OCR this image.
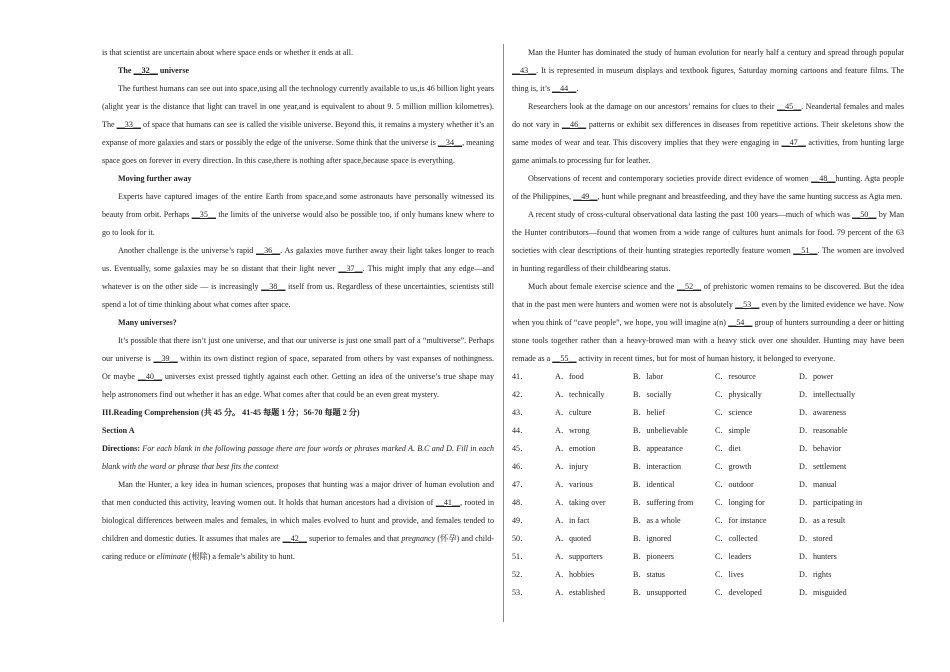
is that scientist are uncertain about where space ends or whether it ends at all.

The __32__ universe

The furthest humans can see out into space,using all the technology currently available to us,is 46 billion light years (alight year is the distance that light can travel in one year,and is equivalent to about 9. 5 million million kilometres). The __33__ of space that humans can see is called the visible universe. Beyond this, it remains a mystery whether it’s an expanse of more galaxies and stars or possibly the edge of the universe. Some think that the universe is __34__, meaning space goes on forever in every direction. In this case,there is nothing after space,because space is everything.

Moving further away

Experts have captured images of the entire Earth from space,and some astronauts have personally witnessed its beauty from orbit. Perhaps __35__ the limits of the universe would also be possible too, if only humans knew where to go to look for it.

Another challenge is the universe’s rapid __36__. As galaxies move further away their light takes longer to reach us. Eventually, some galaxies may be so distant that their light never __37__. This might imply that any edge—and whatever is on the other side — is increasingly __38__ itself from us. Regardless of these uncertainties, scientists still spend a lot of time thinking about what comes after space.

Many universes?

It’s possible that there isn’t just one universe, and that our universe is just one small part of a “multiverse”. Perhaps our universe is __39__ within its own distinct region of space, separated from others by vast expanses of nothingness. Or maybe __40__ universes exist pressed tightly against each other. Getting an idea of the universe’s true shape may help astronomers find out whether it has an edge. What comes after that could be an even great mystery.

III.Reading Comprehension (共 45 分。 41-45 每题 1 分；56-70 每题 2 分)

Section A

Directions: For each blank in the following passage there are four words or phrases marked A. B.C and D. Fill in each blank with the word or phrase that best fits the context

Man the Hunter, a key idea in human sciences, proposes that hunting was a major driver of human evolution and that men conducted this activity, leaving women out. It holds that human ancestors had a division of __41__, rooted in biological differences between males and females, in which males evolved to hunt and provide, and females tended to children and domestic duties. It assumes that males are __42__ superior to females and that pregnancy (怀孕) and child-caring reduce or eliminate (根除) a female’s ability to hunt.

Man the Hunter has dominated the study of human evolution for nearly half a century and spread through popular __43__. It is represented in museum displays and textbook figures, Saturday morning cartoons and feature films. The thing is, it’s __44__.

Researchers look at the damage on our ancestors’ remains for clues to their __45__. Neandertal females and males do not vary in __46__ patterns or exhibit sex differences in diseases from repetitive actions. Their skeletons show the same modes of wear and tear. This discovery implies that they were engaging in __47__ activities, from hunting large game animals to processing fur for leather.

Observations of recent and contemporary societies provide direct evidence of women __48__hunting. Agta people of the Philippines, __49__, hunt while pregnant and breastfeeding, and they have the same hunting success as Agta men.

A recent study of cross-cultural observational data lasting the past 100 years—much of which was __50__ by Man the Hunter contributors—found that women from a wide range of cultures hunt animals for food. 79 percent of the 63 societies with clear descriptions of their hunting strategies reportedly feature women __51__. The women are involved in hunting regardless of their childbearing status.

Much about female exercise science and the __52__ of prehistoric women remains to be discovered. But the idea that in the past men were hunters and women were not is absolutely __53__ even by the limited evidence we have. Now when you think of “cave people”, we hope, you will imagine a(n) __54__ group of hunters surrounding a deer or hitting stone tools together rather than a heavy-browed man with a heavy stick over one shoulder. Hunting may have been remade as a __55__ activity in recent times, but for most of human history, it belonged to everyone.

41．	A．food	B．labor	C．resource	D．power
42．	A．technically	B．socially	C．physically	D．intellectually
43．	A．culture	B．belief	C．science	D．awareness
44．	A．wrong	B．unbelievable	C．simple	D．reasonable
45．	A．emotion	B．appearance	C．diet	D．behavior
46．	A．injury	B．interaction	C．growth	D．settlement
47．	A．various	B．identical	C．outdoor	D．manual
48．	A．taking over	B．suffering from	C．longing for	D．participating in
49．	A．in fact	B．as a whole	C．for instance	D．as a result
50．	A．quoted	B．ignored	C．collected	D．stored
51．	A．supporters	B．pioneers	C．leaders	D．hunters
52．	A．hobbies	B．status	C．lives	D．rights
53．	A．established	B．unsupported	C．developed	D．misguided
